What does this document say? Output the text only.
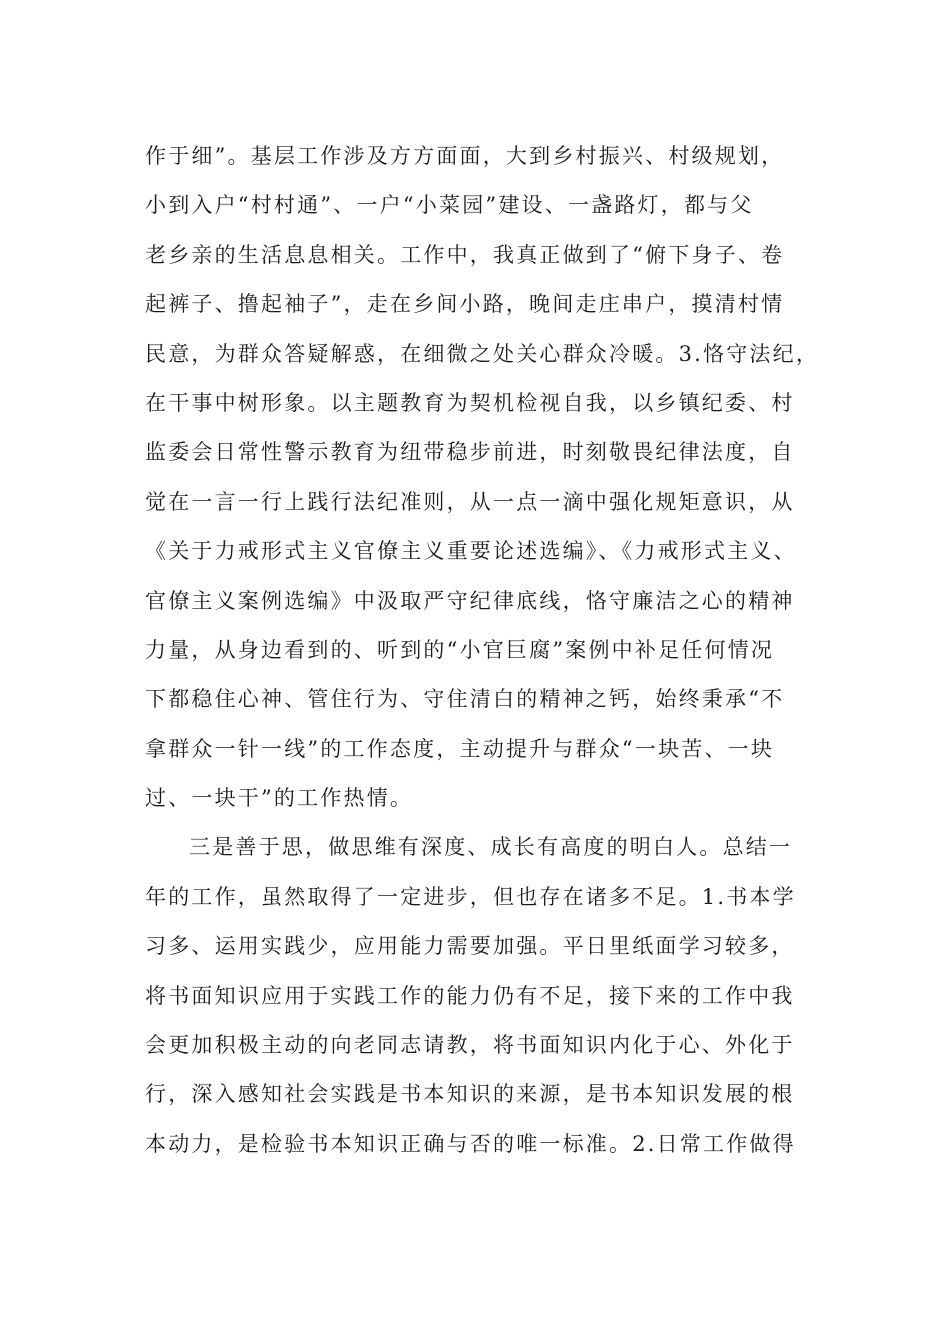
作于细”。基层工作涉及方方面面，大到乡村振兴、村级规划，
小到入户“村村通”、一户“小菜园”建设、一盏路灯，都与父
老乡亲的生活息息相关。工作中，我真正做到了“俯下身子、卷
起裤子、撸起袖子”，走在乡间小路，晚间走庄串户，摸清村情
民意，为群众答疑解惑，在细微之处关心群众冷暖。3.恪守法纪，
在干事中树形象。以主题教育为契机检视自我，以乡镇纪委、村
监委会日常性警示教育为纽带稳步前进，时刻敬畏纪律法度，自
觉在一言一行上践行法纪准则，从一点一滴中强化规矩意识，从
《关于力戒形式主义官僚主义重要论述选编》、《力戒形式主义、
官僚主义案例选编》中汲取严守纪律底线，恪守廉洁之心的精神
力量，从身边看到的、听到的“小官巨腐”案例中补足任何情况
下都稳住心神、管住行为、守住清白的精神之钙，始终秉承“不
拿群众一针一线”的工作态度，主动提升与群众“一块苦、一块
过、一块干”的工作热情。
三是善于思，做思维有深度、成长有高度的明白人。总结一
年的工作，虽然取得了一定进步，但也存在诸多不足。1.书本学
习多、运用实践少，应用能力需要加强。平日里纸面学习较多，
将书面知识应用于实践工作的能力仍有不足，接下来的工作中我
会更加积极主动的向老同志请教，将书面知识内化于心、外化于
行，深入感知社会实践是书本知识的来源，是书本知识发展的根
本动力，是检验书本知识正确与否的唯一标准。2.日常工作做得
